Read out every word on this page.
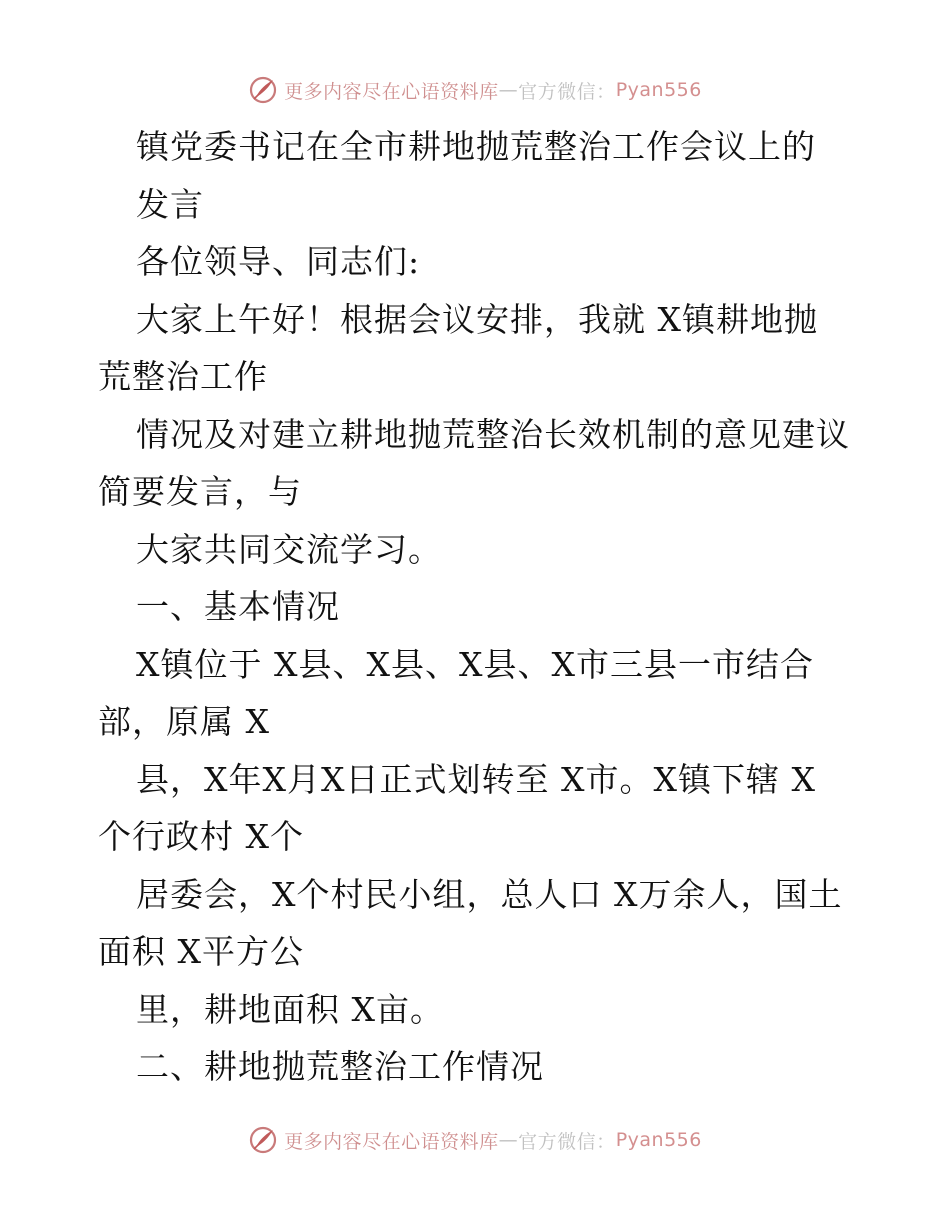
更多内容尽在心语资料库 — 官方微信： Pyan556
镇党委书记在全市耕地抛荒整治工作会议上的
发言
各位领导、同志们:
大家上午好！根据会议安排，我就 X镇耕地抛
荒整治工作
情况及对建立耕地抛荒整治长效机制的意见建议
简要发言，与
大家共同交流学习。
一、基本情况
X镇位于 X县、X县、X县、X市三县一市结合
部，原属 X
县，X年X月X日正式划转至 X市。X镇下辖 X
个行政村 X个
居委会，X个村民小组，总人口 X万余人，国土
面积 X平方公
里，耕地面积 X亩。
二、耕地抛荒整治工作情况
更多内容尽在心语资料库 — 官方微信： Pyan556
